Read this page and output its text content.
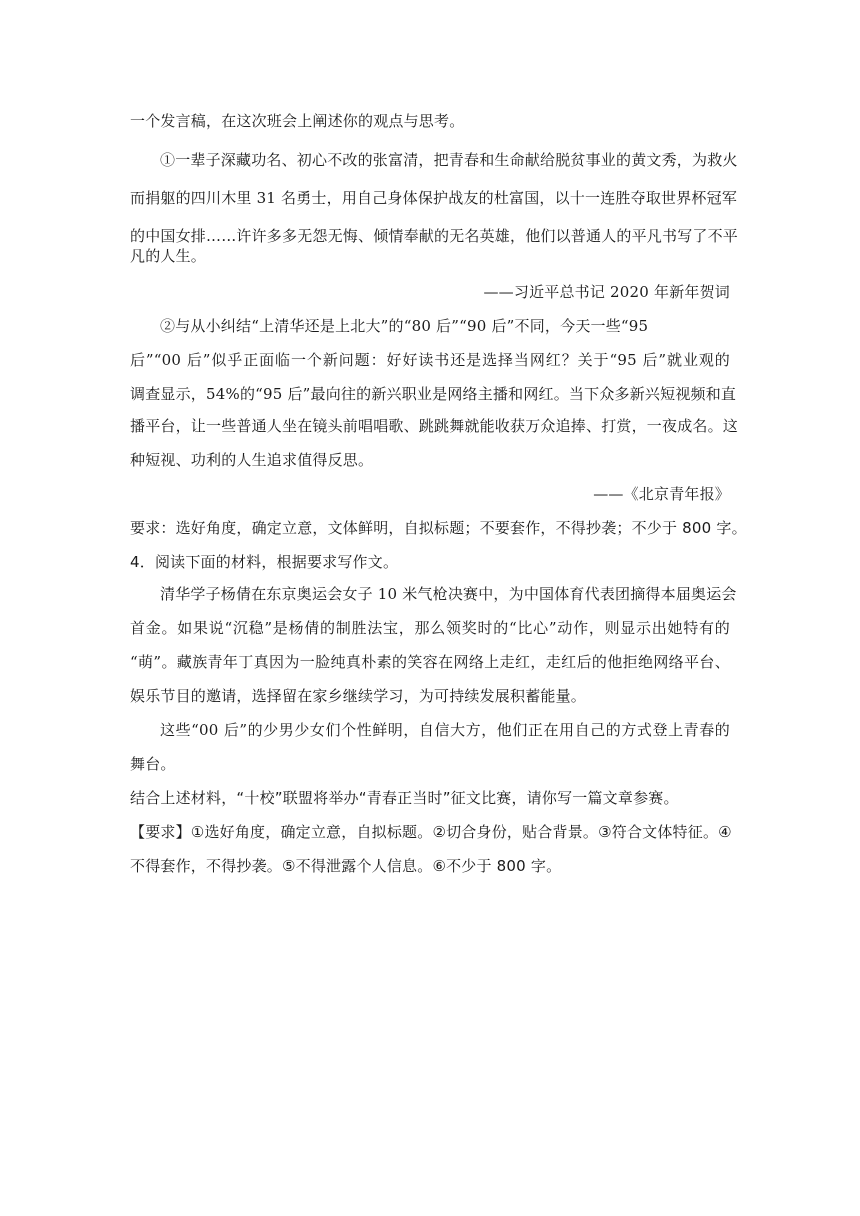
一个发言稿，在这次班会上阐述你的观点与思考。
①一辈子深藏功名、初心不改的张富清，把青春和生命献给脱贫事业的黄文秀，为救火
而捐躯的四川木里 31 名勇士，用自己身体保护战友的杜富国，以十一连胜夺取世界杯冠军
的中国女排……许许多多无怨无悔、倾情奉献的无名英雄，他们以普通人的平凡书写了不平
凡的人生。
——习近平总书记 2020 年新年贺词
②与从小纠结“上清华还是上北大”的“80 后”“90 后”不同，今天一些“95
后”“00 后”似乎正面临一个新问题：好好读书还是选择当网红？关于“95 后”就业观的
调查显示，54%的“95 后”最向往的新兴职业是网络主播和网红。当下众多新兴短视频和直
播平台，让一些普通人坐在镜头前唱唱歌、跳跳舞就能收获万众追捧、打赏，一夜成名。这
种短视、功利的人生追求值得反思。
——《北京青年报》
要求：选好角度，确定立意，文体鲜明，自拟标题；不要套作，不得抄袭；不少于 800 字。
4．阅读下面的材料，根据要求写作文。
清华学子杨倩在东京奥运会女子 10 米气枪决赛中，为中国体育代表团摘得本届奥运会
首金。如果说“沉稳”是杨倩的制胜法宝，那么领奖时的“比心”动作，则显示出她特有的
“萌”。藏族青年丁真因为一脸纯真朴素的笑容在网络上走红，走红后的他拒绝网络平台、
娱乐节目的邀请，选择留在家乡继续学习，为可持续发展积蓄能量。
这些“00 后”的少男少女们个性鲜明，自信大方，他们正在用自己的方式登上青春的
舞台。
结合上述材料，“十校”联盟将举办“青春正当时”征文比赛，请你写一篇文章参赛。
【要求】①选好角度，确定立意，自拟标题。②切合身份，贴合背景。③符合文体特征。④
不得套作，不得抄袭。⑤不得泄露个人信息。⑥不少于 800 字。
